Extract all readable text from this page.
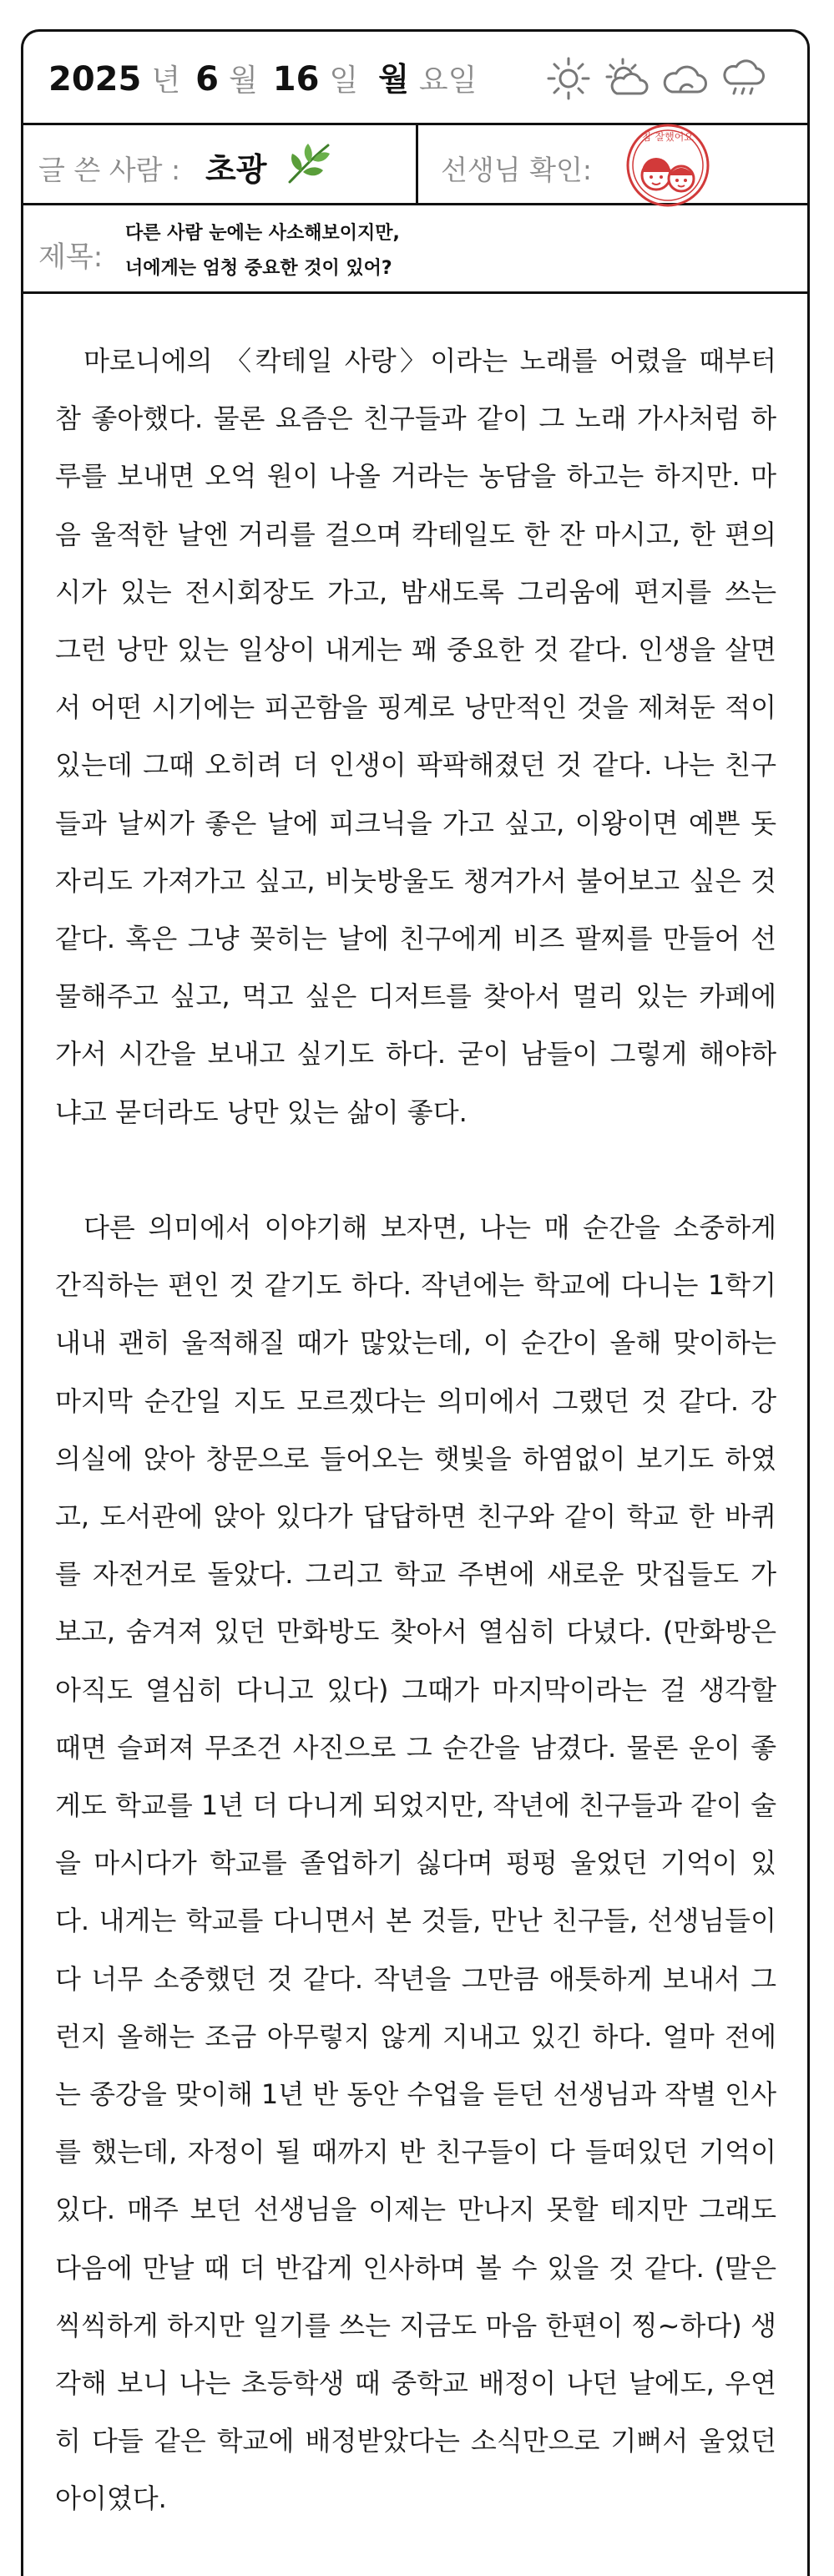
2025 년 6 월 16 일 월 요일
글 쓴 사람 : 초광	선생님 확인:
참 잘했어요
제목:
다른 사람 눈에는 사소해보이지만,
너에게는 엄청 중요한 것이 있어?
마로니에의 〈칵테일 사랑〉이라는 노래를 어렸을 때부터 참 좋아했다. 물론 요즘은 친구들과 같이 그 노래 가사처럼 하루를 보내면 오억 원이 나올 거라는 농담을 하고는 하지만. 마음 울적한 날엔 거리를 걸으며 칵테일도 한 잔 마시고, 한 편의 시가 있는 전시회장도 가고, 밤새도록 그리움에 편지를 쓰는 그런 낭만 있는 일상이 내게는 꽤 중요한 것 같다. 인생을 살면서 어떤 시기에는 피곤함을 핑계로 낭만적인 것을 제쳐둔 적이 있는데 그때 오히려 더 인생이 팍팍해졌던 것 같다. 나는 친구들과 날씨가 좋은 날에 피크닉을 가고 싶고, 이왕이면 예쁜 돗자리도 가져가고 싶고, 비눗방울도 챙겨가서 불어보고 싶은 것 같다. 혹은 그냥 꽂히는 날에 친구에게 비즈 팔찌를 만들어 선물해주고 싶고, 먹고 싶은 디저트를 찾아서 멀리 있는 카페에 가서 시간을 보내고 싶기도 하다. 굳이 남들이 그렇게 해야하냐고 묻더라도 낭만 있는 삶이 좋다.
다른 의미에서 이야기해 보자면, 나는 매 순간을 소중하게 간직하는 편인 것 같기도 하다. 작년에는 학교에 다니는 1학기 내내 괜히 울적해질 때가 많았는데, 이 순간이 올해 맞이하는 마지막 순간일 지도 모르겠다는 의미에서 그랬던 것 같다. 강의실에 앉아 창문으로 들어오는 햇빛을 하염없이 보기도 하였고, 도서관에 앉아 있다가 답답하면 친구와 같이 학교 한 바퀴를 자전거로 돌았다. 그리고 학교 주변에 새로운 맛집들도 가보고, 숨겨져 있던 만화방도 찾아서 열심히 다녔다. (만화방은 아직도 열심히 다니고 있다) 그때가 마지막이라는 걸 생각할 때면 슬퍼져 무조건 사진으로 그 순간을 남겼다. 물론 운이 좋게도 학교를 1년 더 다니게 되었지만, 작년에 친구들과 같이 술을 마시다가 학교를 졸업하기 싫다며 펑펑 울었던 기억이 있다. 내게는 학교를 다니면서 본 것들, 만난 친구들, 선생님들이 다 너무 소중했던 것 같다. 작년을 그만큼 애틋하게 보내서 그런지 올해는 조금 아무렇지 않게 지내고 있긴 하다. 얼마 전에는 종강을 맞이해 1년 반 동안 수업을 듣던 선생님과 작별 인사를 했는데, 자정이 될 때까지 반 친구들이 다 들떠있던 기억이 있다. 매주 보던 선생님을 이제는 만나지 못할 테지만 그래도 다음에 만날 때 더 반갑게 인사하며 볼 수 있을 것 같다. (말은 씩씩하게 하지만 일기를 쓰는 지금도 마음 한편이 찡~하다) 생각해 보니 나는 초등학생 때 중학교 배정이 나던 날에도, 우연히 다들 같은 학교에 배정받았다는 소식만으로 기뻐서 울었던 아이였다.
